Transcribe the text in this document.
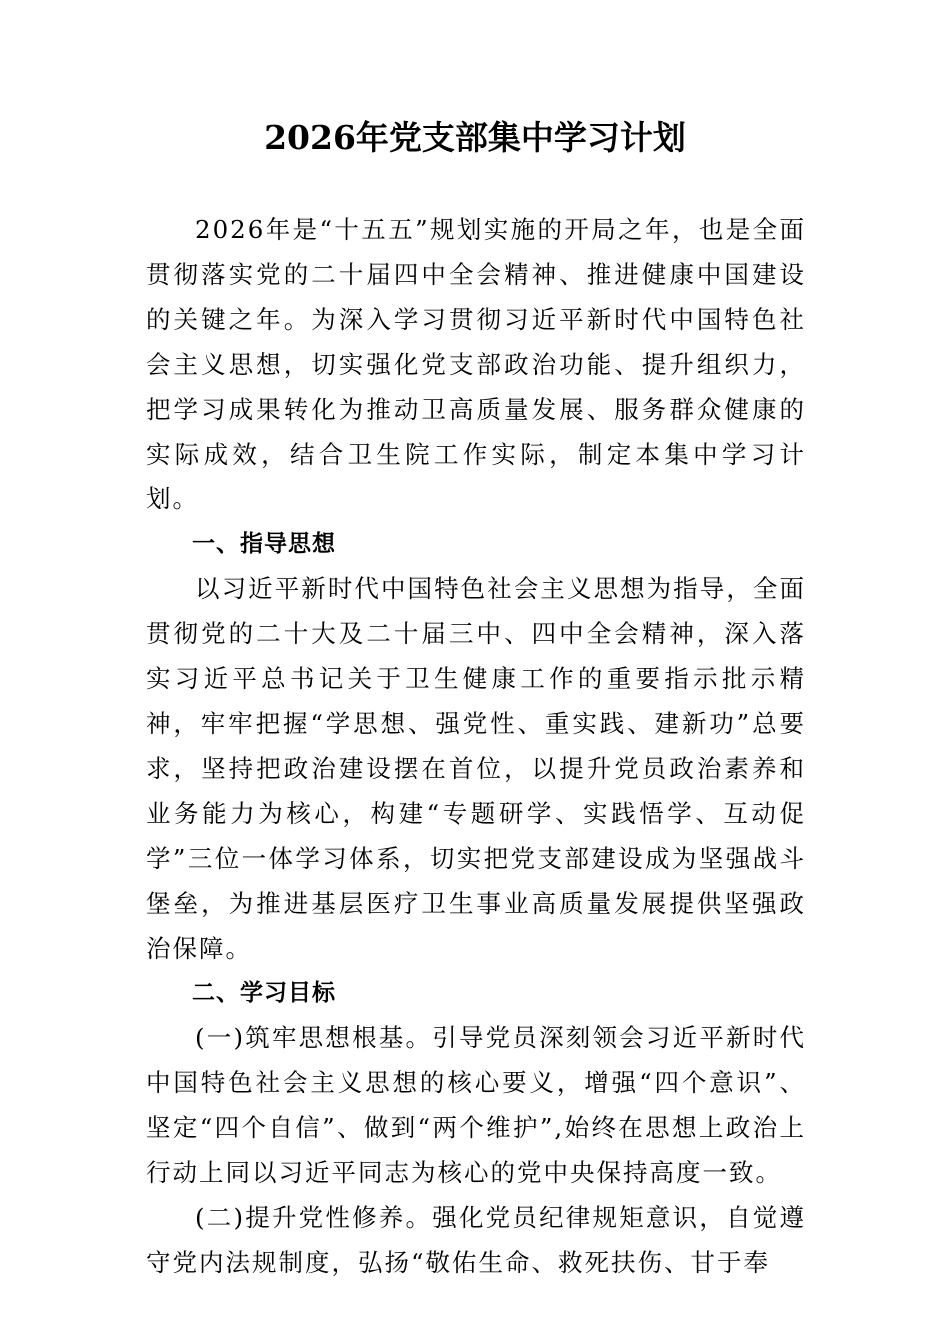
2026年党支部集中学习计划

2026年是“十五五”规划实施的开局之年，也是全面贯彻落实党的二十届四中全会精神、推进健康中国建设的关键之年。为深入学习贯彻习近平新时代中国特色社会主义思想，切实强化党支部政治功能、提升组织力，把学习成果转化为推动卫高质量发展、服务群众健康的实际成效，结合卫生院工作实际，制定本集中学习计划。

一、指导思想

以习近平新时代中国特色社会主义思想为指导，全面贯彻党的二十大及二十届三中、四中全会精神，深入落实习近平总书记关于卫生健康工作的重要指示批示精神，牢牢把握“学思想、强党性、重实践、建新功”总要求，坚持把政治建设摆在首位，以提升党员政治素养和业务能力为核心，构建“专题研学、实践悟学、互动促学”三位一体学习体系，切实把党支部建设成为坚强战斗堡垒，为推进基层医疗卫生事业高质量发展提供坚强政治保障。

二、学习目标

(一)筑牢思想根基。引导党员深刻领会习近平新时代中国特色社会主义思想的核心要义，增强“四个意识”、坚定“四个自信”、做到“两个维护”,始终在思想上政治上行动上同以习近平同志为核心的党中央保持高度一致。

(二)提升党性修养。强化党员纪律规矩意识，自觉遵守党内法规制度，弘扬“敬佑生命、救死扶伤、甘于奉
